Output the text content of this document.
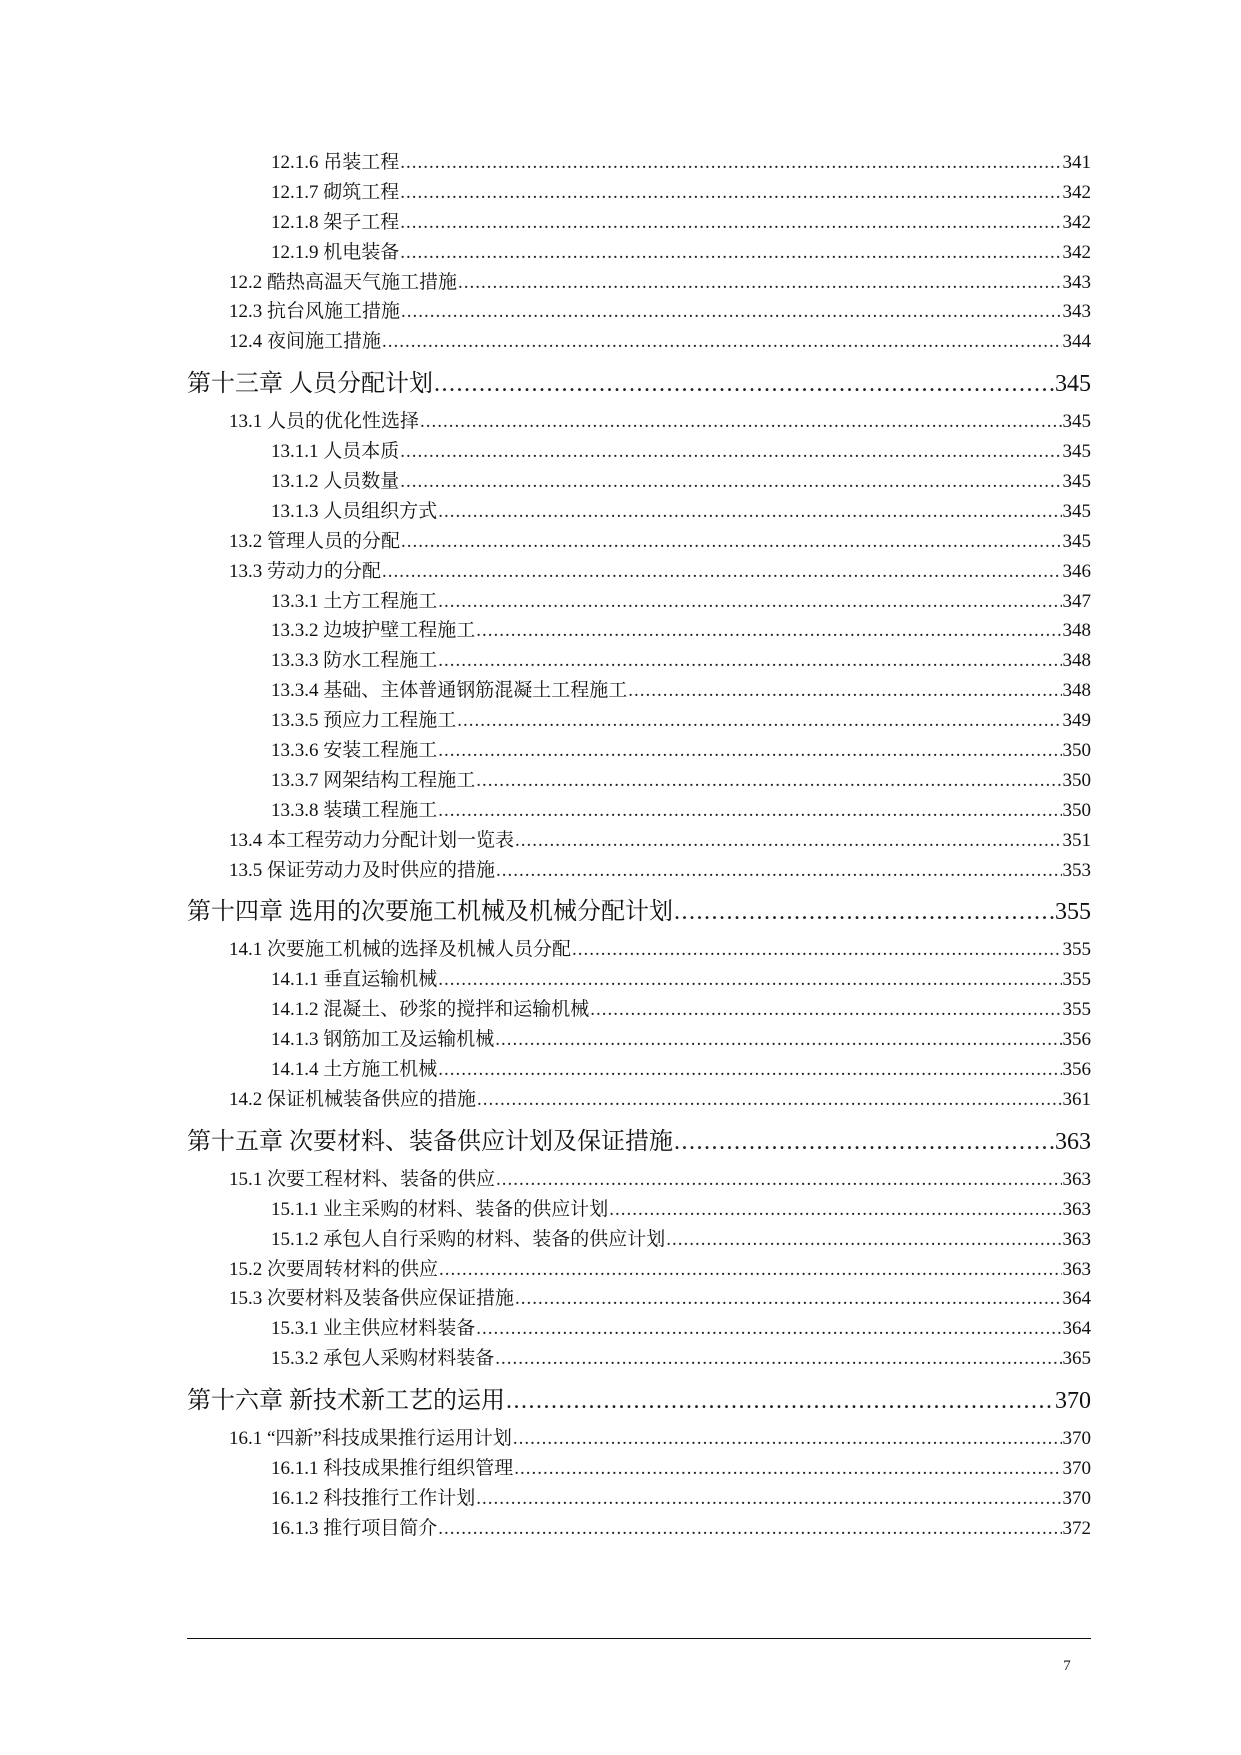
12.1.6 吊装工程 .....	341
12.1.7 砌筑工程 .....	342
12.1.8 架子工程 .....	342
12.1.9 机电装备 .....	342
12.2 酷热高温天气施工措施 .....	343
12.3 抗台风施工措施 .....	343
12.4 夜间施工措施 .....	344
第十三章 人员分配计划 .....	345
13.1 人员的优化性选择 .....	345
13.1.1 人员本质 .....	345
13.1.2 人员数量 .....	345
13.1.3 人员组织方式 .....	345
13.2 管理人员的分配 .....	345
13.3 劳动力的分配 .....	346
13.3.1 土方工程施工 .....	347
13.3.2 边坡护壁工程施工 .....	348
13.3.3 防水工程施工 .....	348
13.3.4 基础、主体普通钢筋混凝土工程施工 .....	348
13.3.5 预应力工程施工 .....	349
13.3.6 安装工程施工 .....	350
13.3.7 网架结构工程施工 .....	350
13.3.8 装璜工程施工 .....	350
13.4 本工程劳动力分配计划一览表 .....	351
13.5 保证劳动力及时供应的措施 .....	353
第十四章 选用的次要施工机械及机械分配计划 .....	355
14.1 次要施工机械的选择及机械人员分配 .....	355
14.1.1 垂直运输机械 .....	355
14.1.2 混凝土、砂浆的搅拌和运输机械 .....	355
14.1.3 钢筋加工及运输机械 .....	356
14.1.4 土方施工机械 .....	356
14.2 保证机械装备供应的措施 .....	361
第十五章 次要材料、装备供应计划及保证措施 .....	363
15.1 次要工程材料、装备的供应 .....	363
15.1.1 业主采购的材料、装备的供应计划 .....	363
15.1.2 承包人自行采购的材料、装备的供应计划 .....	363
15.2 次要周转材料的供应 .....	363
15.3 次要材料及装备供应保证措施 .....	364
15.3.1 业主供应材料装备 .....	364
15.3.2 承包人采购材料装备 .....	365
第十六章 新技术新工艺的运用 .....	370
16.1 “四新”科技成果推行运用计划 .....	370
16.1.1 科技成果推行组织管理 .....	370
16.1.2 科技推行工作计划 .....	370
16.1.3 推行项目简介 .....	372
7
